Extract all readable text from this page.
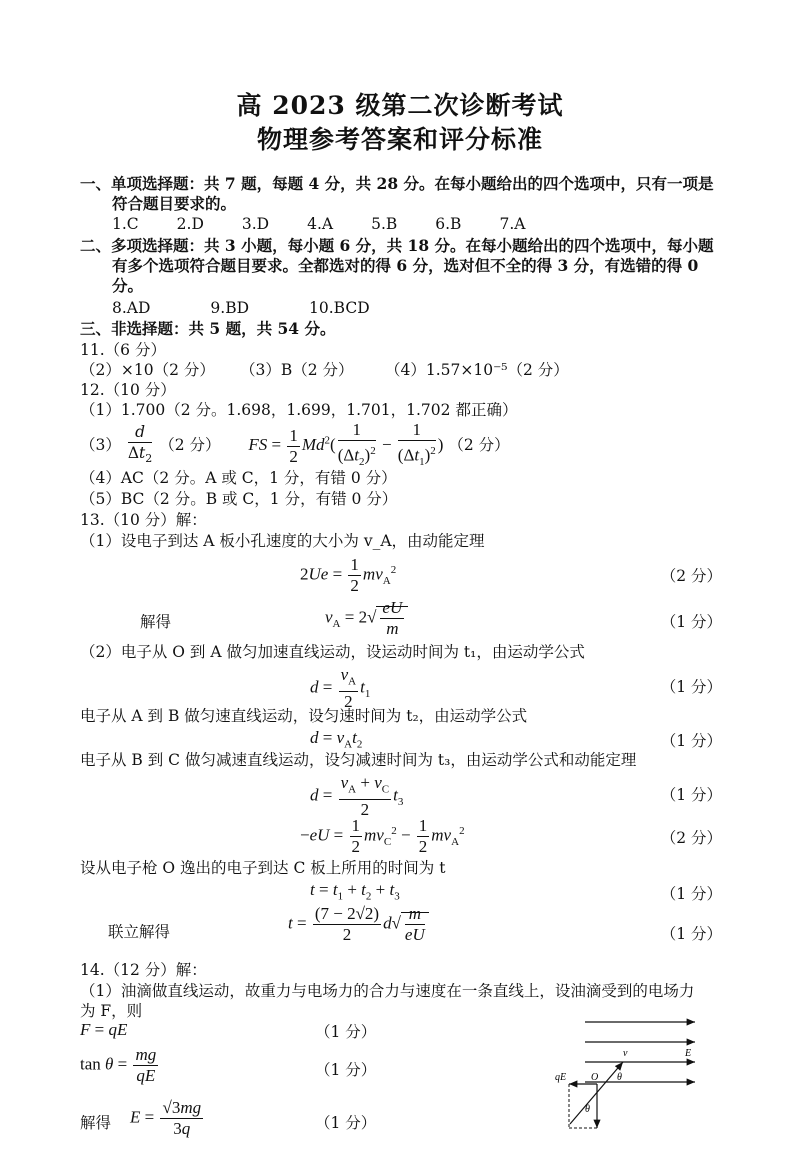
高 2023 级第二次诊断考试
物理参考答案和评分标准
一、单项选择题：共 7 题，每题 4 分，共 28 分。在每小题给出的四个选项中，只有一项是
符合题目要求的。
1.C 2.D 3.D 4.A 5.B 6.B 7.A
二、多项选择题：共 3 小题，每小题 6 分，共 18 分。在每小题给出的四个选项中，每小题
有多个选项符合题目要求。全都选对的得 6 分，选对但不全的得 3 分，有选错的得 0
分。
8.AD	9.BD	10.BCD
三、非选择题：共 5 题，共 54 分。
11.（6 分）
（2）×10（2 分） （3）B（2 分） （4）1.57×10⁻⁵（2 分）
12.（10 分）
（1）1.700（2 分。1.698，1.699，1.701，1.702 都正确）
$(3) \frac{d}{\Delta t_2} (2$ 分） FS = $\frac{1}{2} Md^2( \frac{1}{(\Delta t_2)^2} - \frac{1}{(\Delta t_1)^2}$ ) （2 分）
（4）AC（2 分。A 或 C，1 分，有错 0 分）
（5）BC（2 分。B 或 C，1 分，有错 0 分）
13.（10 分）解：
（1）设电子到达 A 板小孔速度的大小为 v_A，由动能定理
$2Ue = \frac{1}{2} mv_A^2$	（2 分）
解得	$v_A = 2√ \frac{eU}{m}$	（1 分）
（2）电子从 O 到 A 做匀加速直线运动，设运动时间为 t₁，由运动学公式
$d = \frac{v_A}{2} t_1$	（1 分）
电子从 A 到 B 做匀速直线运动，设匀速时间为 t₂，由运动学公式
$d = v_At_2$	（1 分）
电子从 B 到 C 做匀减速直线运动，设匀减速时间为 t₃，由运动学公式和动能定理
$d = \frac{v_A + v_C}{2} t_3$	（1 分）
$-eU = \frac{1}{2} mv_C^2 - \frac{1}{2} mv_A^2$	（2 分）
设从电子枪 O 逸出的电子到达 C 板上所用的时间为 t
$t = t_1 + t_2 + t_3$	（1 分）
联立解得	$t = \frac{(7 - 2√2)}{2} d√ \frac{m}{eU}$	（1 分）
14.（12 分）解：
（1）油滴做直线运动，故重力与电场力的合力与速度在一条直线上，设油滴受到的电场力
为 F，则
F = qE	（1 分）
$\tan \theta = \frac{mg}{qE}$	（1 分）
解得 $E = \frac{√3mg}{3q}$	（1 分）
v	E
qE O θ
θ
